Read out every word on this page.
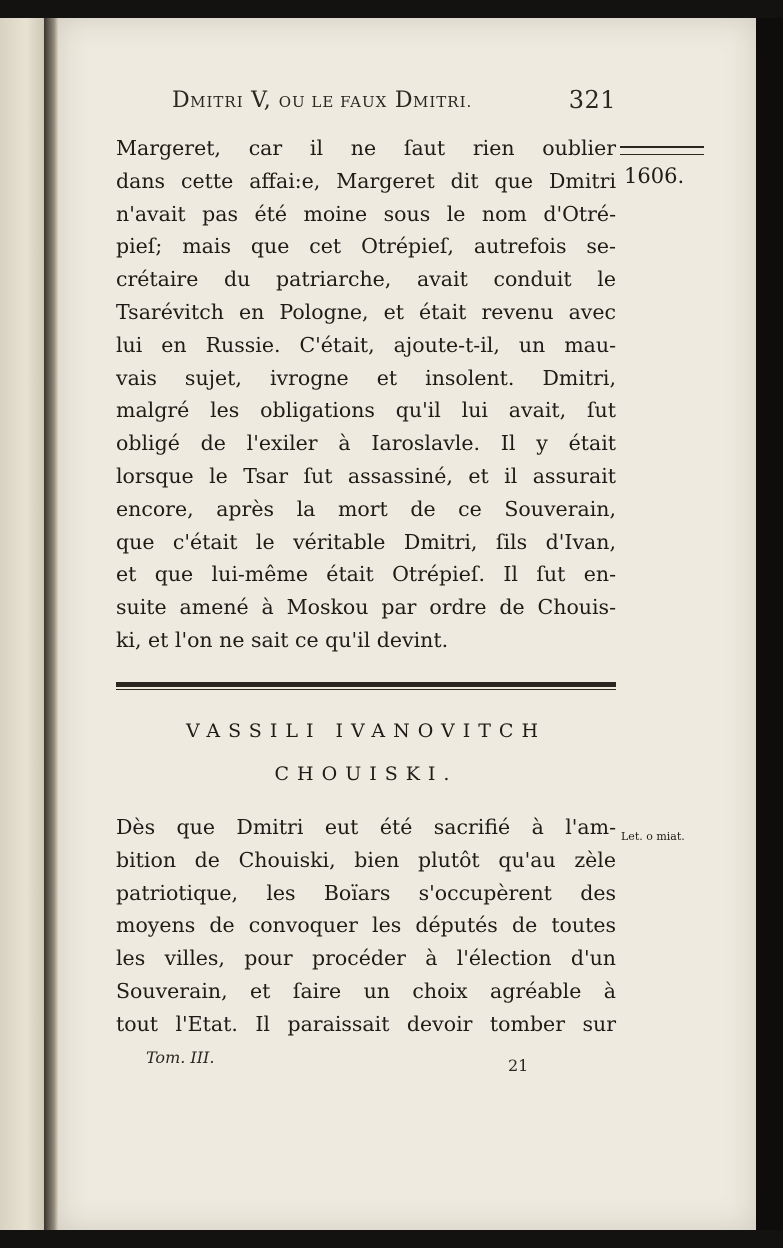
DMITRI V, OU LE FAUX DMITRI.	321
1606.
Margeret, car il ne ſaut rien oublier
dans cette affai:e, Margeret dit que Dmitri
n'avait pas été moine sous le nom d'Otré-
pieſ; mais que cet Otrépieſ, autrefois se-
crétaire du patriarche, avait conduit le
Tsarévitch en Pologne, et était revenu avec
lui en Russie. C'était, ajoute-t-il, un mau-
vais sujet, ivrogne et insolent. Dmitri,
malgré les obligations qu'il lui avait, ſut
obligé de l'exiler à Iaroslavle. Il y était
lorsque le Tsar ſut assassiné, et il assurait
encore, après la mort de ce Souverain,
que c'était le véritable Dmitri, ſils d'Ivan,
et que lui-même était Otrépieſ. Il ſut en-
suite amené à Moskou par ordre de Chouis-
ki, et l'on ne sait ce qu'il devint.
VASSILI IVANOVITCH
CHOUISKI.
Let. o miat.
Dès que Dmitri eut été sacrifié à l'am-
bition de Chouiski, bien plutôt qu'au zèle
patriotique, les Boïars s'occupèrent des
moyens de convoquer les députés de toutes
les villes, pour procéder à l'élection d'un
Souverain, et ſaire un choix agréable à
tout l'Etat. Il paraissait devoir tomber sur
Tom. III.	21
